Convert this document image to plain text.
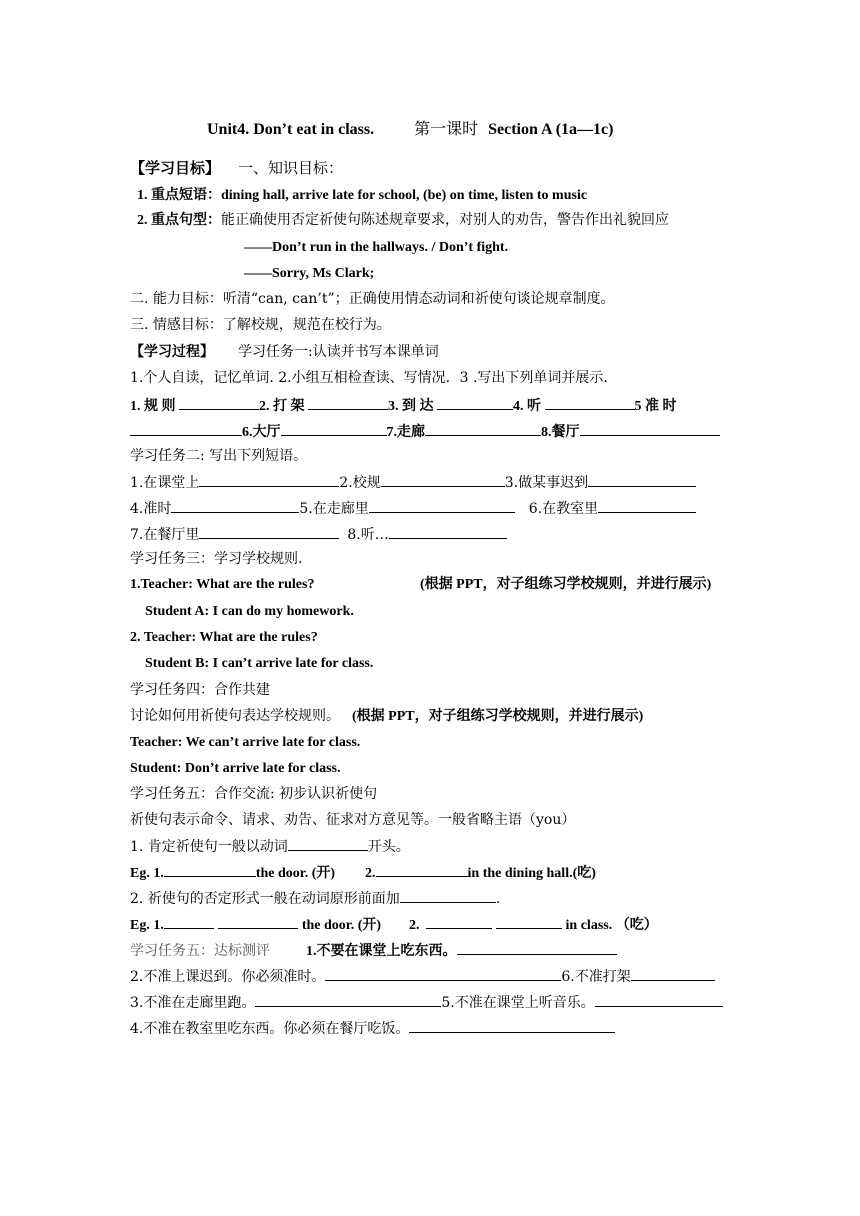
Unit4. Don’t eat in class.	第一课时 Section A (1a—1c)
【学习目标】 一、知识目标：
1. 重点短语：dining hall, arrive late for school, (be) on time, listen to music
2. 重点句型：能正确使用否定祈使句陈述规章要求，对别人的劝告，警告作出礼貌回应
——Don’t run in the hallways. / Don’t fight.
——Sorry, Ms Clark;
二. 能力目标：听清“can, can’t”；正确使用情态动词和祈使句谈论规章制度。
三. 情感目标：了解校规，规范在校行为。
【学习过程】 学习任务一:认读并书写本课单词
1.个人自读，记忆单词. 2.小组互相检查读、写情况．3 .写出下列单词并展示.
1. 规 则	2. 打 架	3. 到 达	4. 听	5 准 时
6.大厅	7.走廊	8.餐厅
学习任务二: 写出下列短语。
1.在课堂上	2.校规	3.做某事迟到
4.准时	5.在走廊里	6.在教室里
7.在餐厅里	8.听…
学习任务三：学习学校规则.
1.Teacher: What are the rules?	(根据 PPT，对子组练习学校规则，并进行展示)
Student A: I can do my homework.
2. Teacher: What are the rules?
Student B: I can’t arrive late for class.
学习任务四：合作共建
讨论如何用祈使句表达学校规则。 (根据 PPT，对子组练习学校规则，并进行展示)
Teacher: We can’t arrive late for class.
Student: Don’t arrive late for class.
学习任务五：合作交流: 初步认识祈使句
祈使句表示命令、请求、劝告、征求对方意见等。一般省略主语（you）
1. 肯定祈使句一般以动词	开头。
Eg. 1.	the door. (开) 2.	in the dining hall.(吃)
2. 祈使句的否定形式一般在动词原形前面加	.
Eg. 1.	the door. (开) 2.	in class. （吃）
学习任务五：达标测评	1.不要在课堂上吃东西。
2.不准上课迟到。你必须准时。	6.不准打架
3.不准在走廊里跑。	5.不准在课堂上听音乐。
4.不准在教室里吃东西。你必须在餐厅吃饭。
